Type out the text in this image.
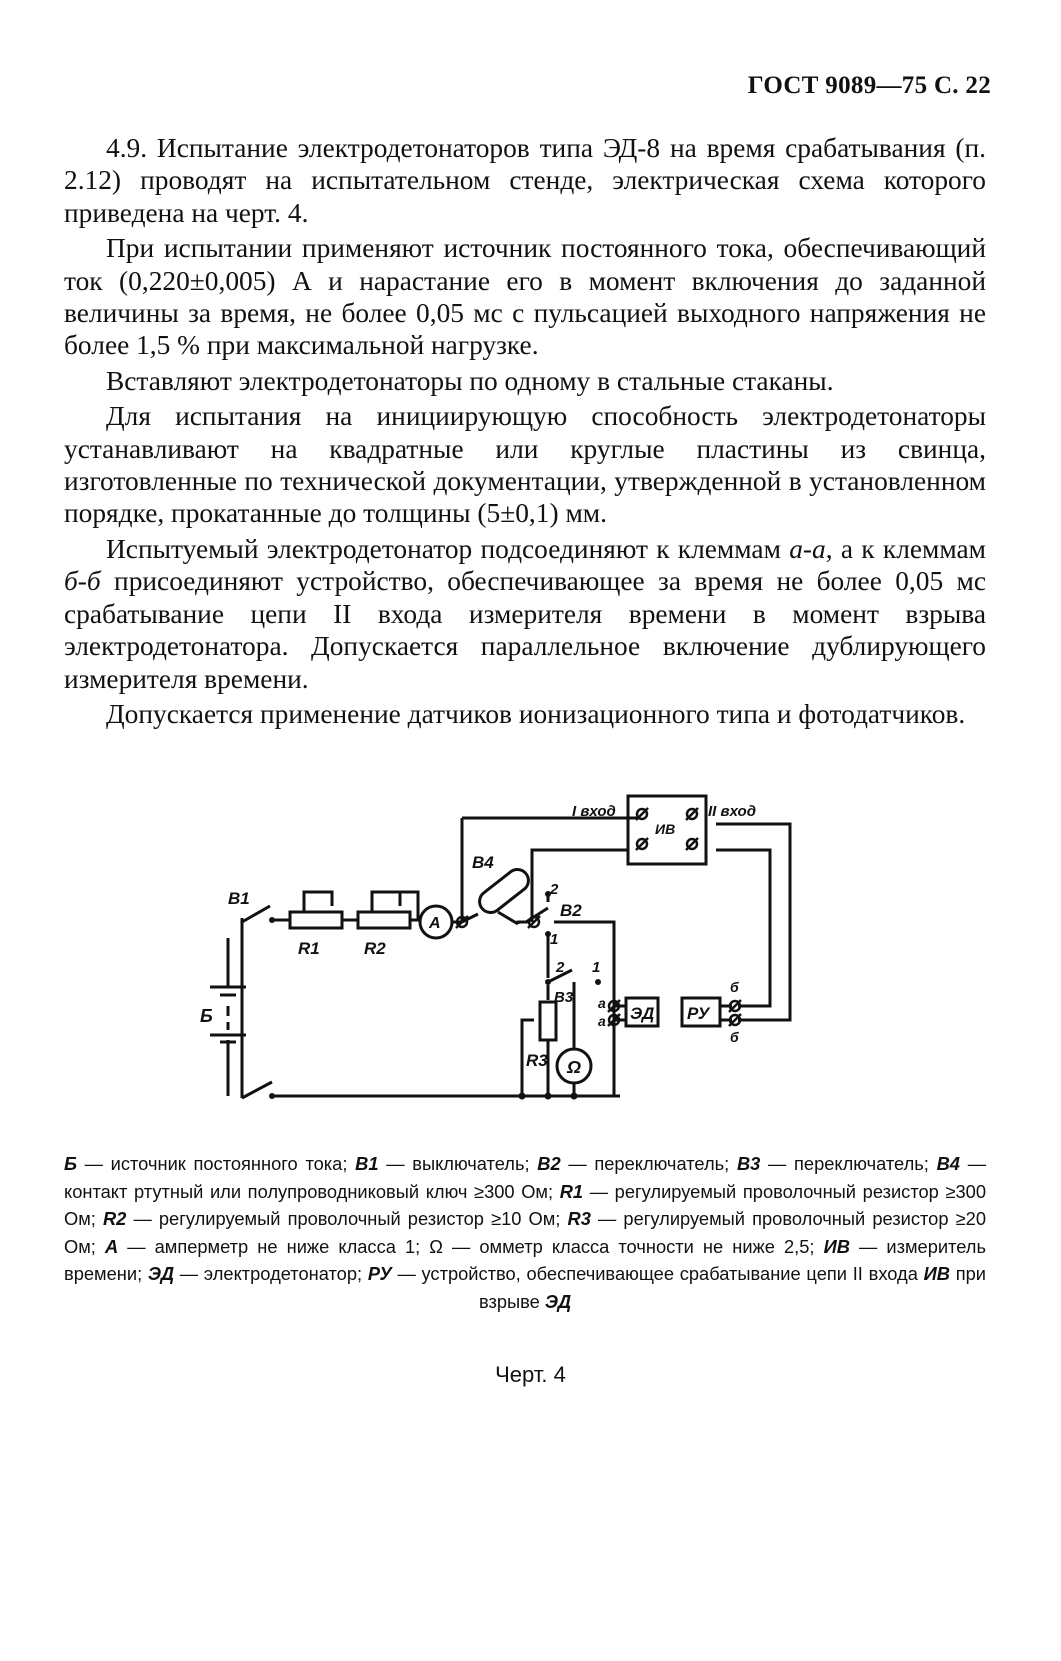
ГОСТ 9089—75 С. 22

4.9. Испытание электродетонаторов типа ЭД-8 на время срабатывания (п. 2.12) проводят на испытательном стенде, электрическая схема которого приведена на черт. 4.

При испытании применяют источник постоянного тока, обеспечивающий ток (0,220±0,005) А и нарастание его в момент включения до заданной величины за время, не более 0,05 мс с пульсацией выходного напряжения не более 1,5 % при максимальной нагрузке.

Вставляют электродетонаторы по одному в стальные стаканы.

Для испытания на инициирующую способность электродетонаторы устанавливают на квадратные или круглые пластины из свинца, изготовленные по технической документации, утвержденной в установленном порядке, прокатанные до толщины (5±0,1) мм.

Испытуемый электродетонатор подсоединяют к клеммам а-а, а к клеммам б-б присоединяют устройство, обеспечивающее за время не более 0,05 мс срабатывание цепи II входа измерителя времени в момент взрыва электродетонатора. Допускается параллельное включение дублирующего измерителя времени.

Допускается применение датчиков ионизационного типа и фотодатчиков.

В1
R1	R2
A
В4
В2
2
1
2 1
В3
R3 Ω
Б	ЭД РУ
ИВ
I вход	II вход
а
а
б
б
Б — источник постоянного тока; В1 — выключатель; В2 — переключатель; В3 — переключатель; В4 — контакт ртутный или полупроводниковый ключ ≥300 Ом; R1 — регулируемый проволочный резистор ≥300 Ом; R2 — регулируемый проволочный резистор ≥10 Ом; R3 — регулируемый проволочный резистор ≥20 Ом; А — амперметр не ниже класса 1; Ω — омметр класса точности не ниже 2,5; ИВ — измеритель времени; ЭД — электродетонатор; РУ — устройство, обеспечивающее срабатывание цепи II входа ИВ при взрыве ЭД
Черт. 4
